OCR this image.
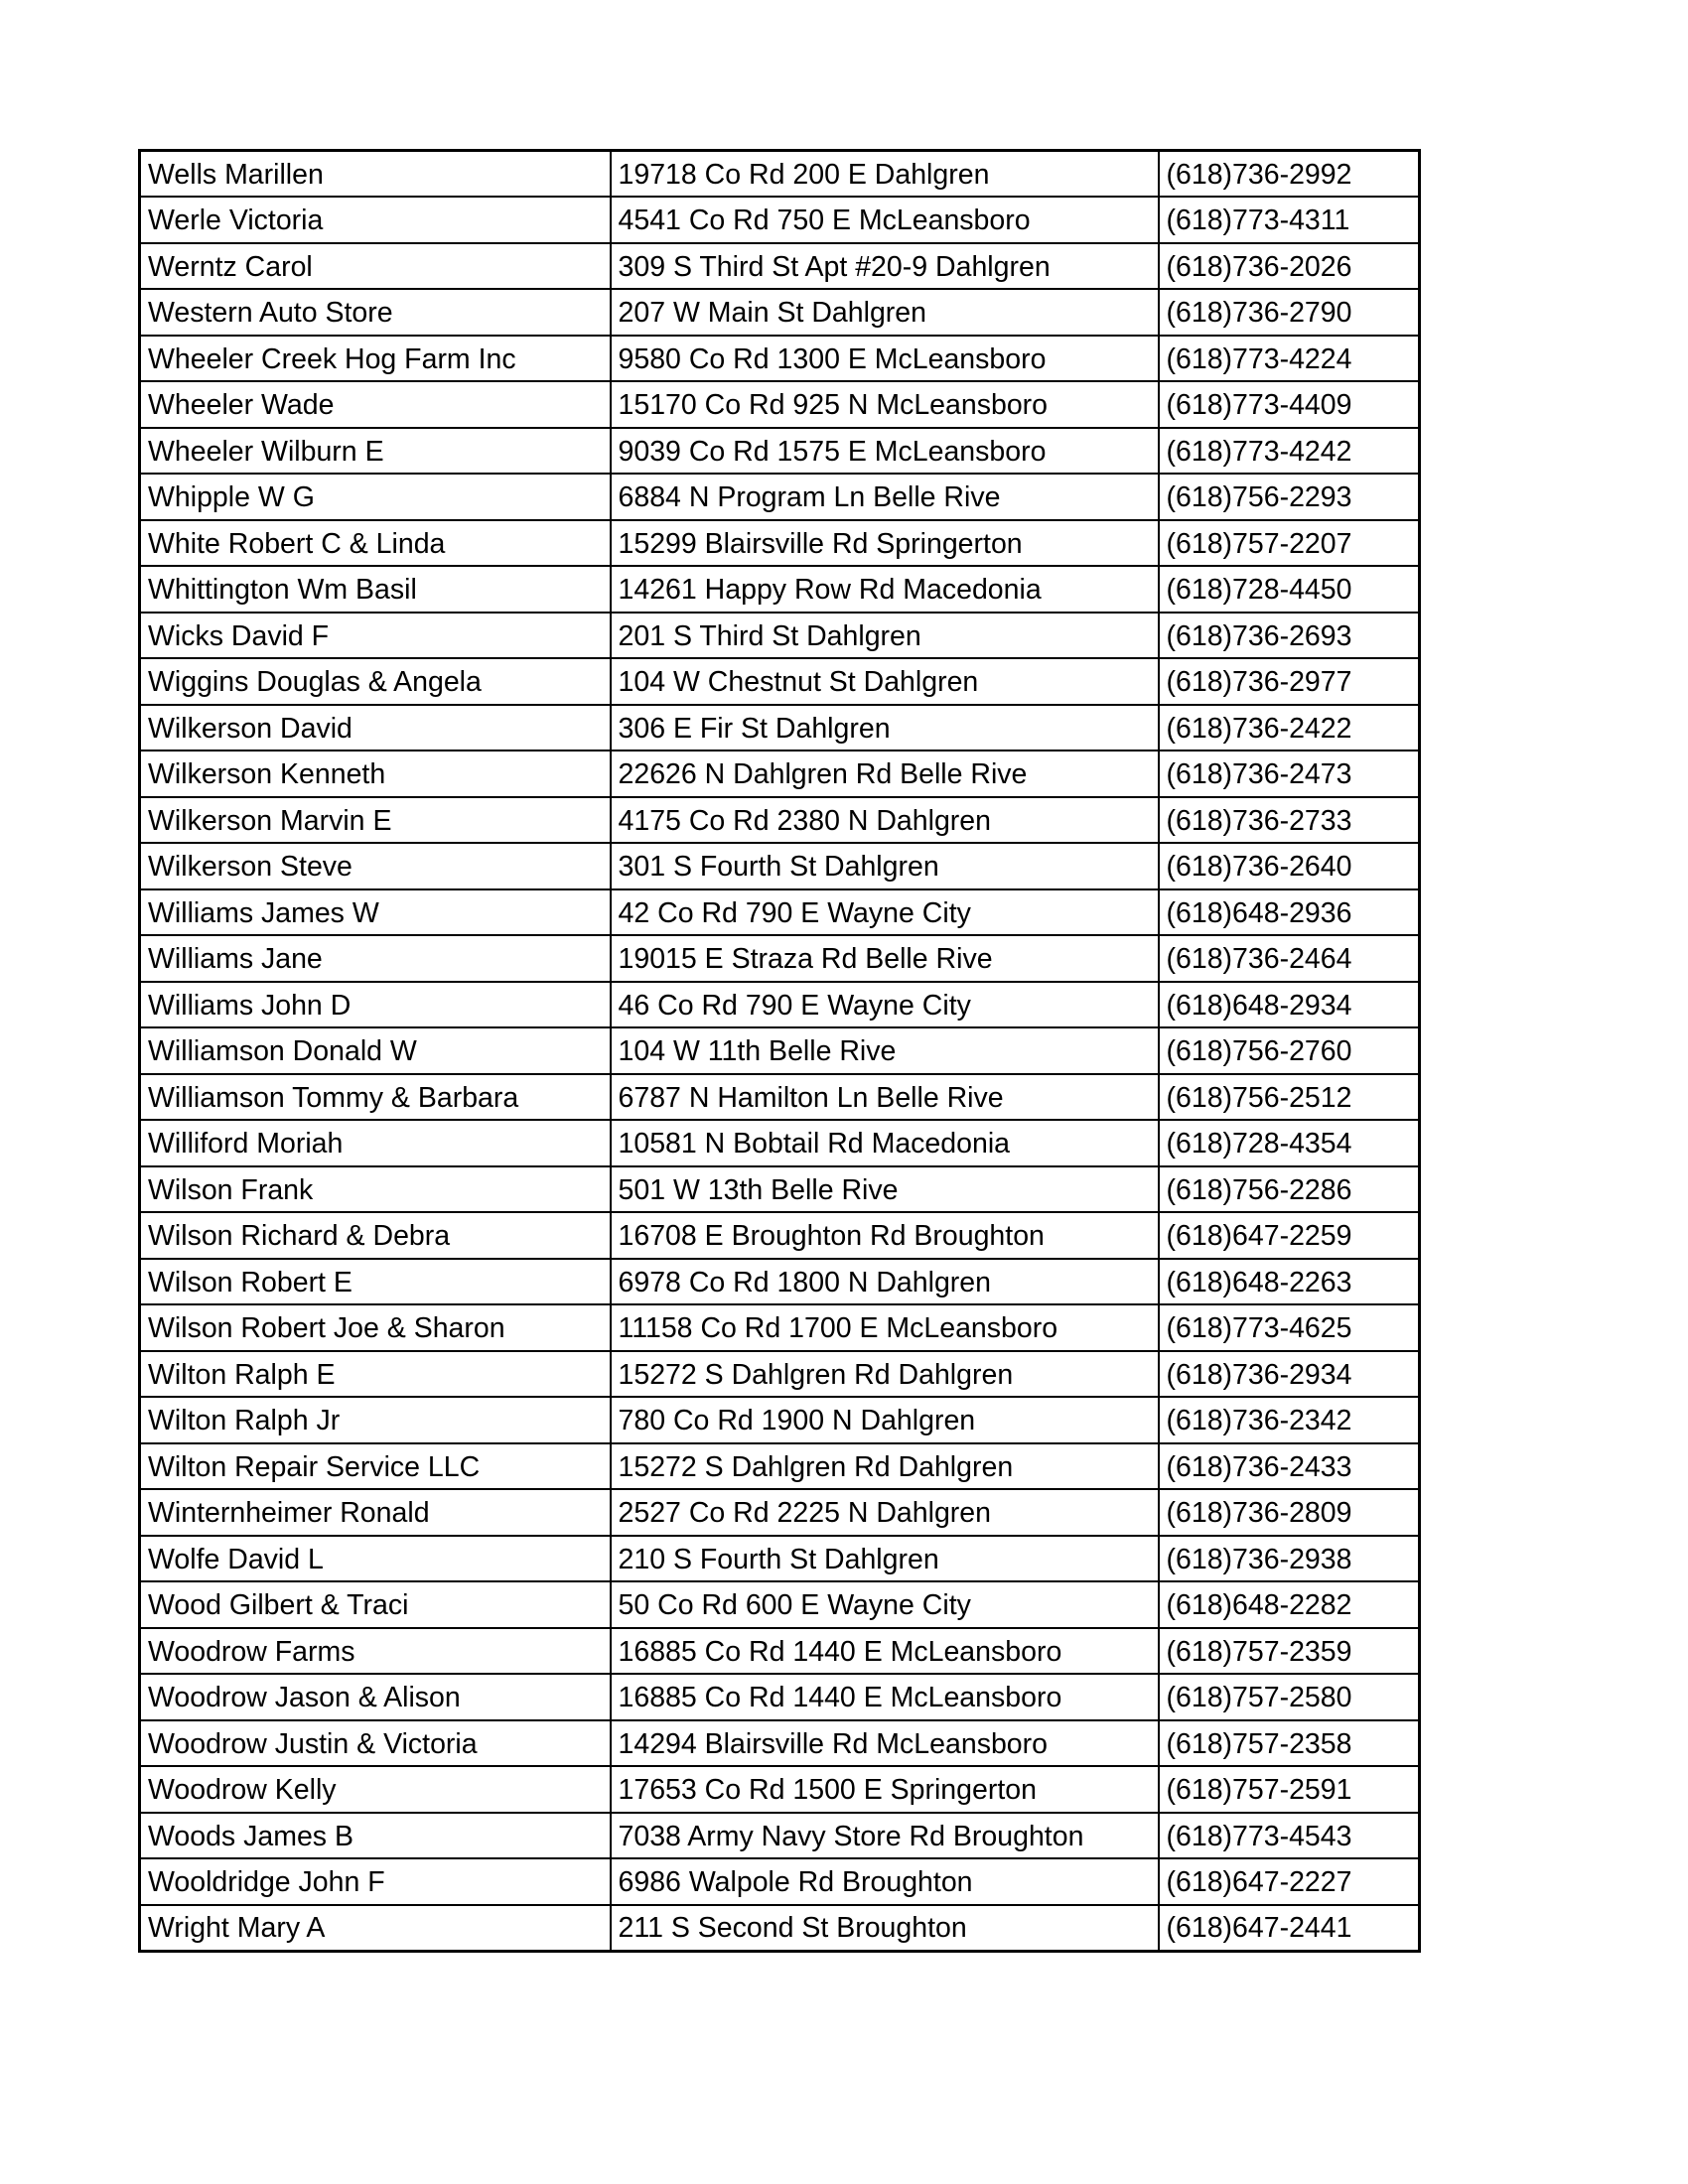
Wells Marillen	19718 Co Rd 200 E Dahlgren	(618)736-2992
Werle Victoria	4541 Co Rd 750 E McLeansboro	(618)773-4311
Werntz Carol	309 S Third St Apt #20-9 Dahlgren	(618)736-2026
Western Auto Store	207 W Main St Dahlgren	(618)736-2790
Wheeler Creek Hog Farm Inc	9580 Co Rd 1300 E McLeansboro	(618)773-4224
Wheeler Wade	15170 Co Rd 925 N McLeansboro	(618)773-4409
Wheeler Wilburn E	9039 Co Rd 1575 E McLeansboro	(618)773-4242
Whipple W G	6884 N Program Ln Belle Rive	(618)756-2293
White Robert C & Linda	15299 Blairsville Rd Springerton	(618)757-2207
Whittington Wm Basil	14261 Happy Row Rd Macedonia	(618)728-4450
Wicks David F	201 S Third St Dahlgren	(618)736-2693
Wiggins Douglas & Angela	104 W Chestnut St Dahlgren	(618)736-2977
Wilkerson David	306 E Fir St Dahlgren	(618)736-2422
Wilkerson Kenneth	22626 N Dahlgren Rd Belle Rive	(618)736-2473
Wilkerson Marvin E	4175 Co Rd 2380 N Dahlgren	(618)736-2733
Wilkerson Steve	301 S Fourth St Dahlgren	(618)736-2640
Williams James W	42 Co Rd 790 E Wayne City	(618)648-2936
Williams Jane	19015 E Straza Rd Belle Rive	(618)736-2464
Williams John D	46 Co Rd 790 E Wayne City	(618)648-2934
Williamson Donald W	104 W 11th Belle Rive	(618)756-2760
Williamson Tommy & Barbara	6787 N Hamilton Ln Belle Rive	(618)756-2512
Williford Moriah	10581 N Bobtail Rd Macedonia	(618)728-4354
Wilson Frank	501 W 13th Belle Rive	(618)756-2286
Wilson Richard & Debra	16708 E Broughton Rd Broughton	(618)647-2259
Wilson Robert E	6978 Co Rd 1800 N Dahlgren	(618)648-2263
Wilson Robert Joe & Sharon	11158 Co Rd 1700 E McLeansboro	(618)773-4625
Wilton Ralph E	15272 S Dahlgren Rd Dahlgren	(618)736-2934
Wilton Ralph Jr	780 Co Rd 1900 N Dahlgren	(618)736-2342
Wilton Repair Service LLC	15272 S Dahlgren Rd Dahlgren	(618)736-2433
Winternheimer Ronald	2527 Co Rd 2225 N Dahlgren	(618)736-2809
Wolfe David L	210 S Fourth St Dahlgren	(618)736-2938
Wood Gilbert & Traci	50 Co Rd 600 E Wayne City	(618)648-2282
Woodrow Farms	16885 Co Rd 1440 E McLeansboro	(618)757-2359
Woodrow Jason & Alison	16885 Co Rd 1440 E McLeansboro	(618)757-2580
Woodrow Justin & Victoria	14294 Blairsville Rd McLeansboro	(618)757-2358
Woodrow Kelly	17653 Co Rd 1500 E Springerton	(618)757-2591
Woods James B	7038 Army Navy Store Rd Broughton	(618)773-4543
Wooldridge John F	6986 Walpole Rd Broughton	(618)647-2227
Wright Mary A	211 S Second St Broughton	(618)647-2441
